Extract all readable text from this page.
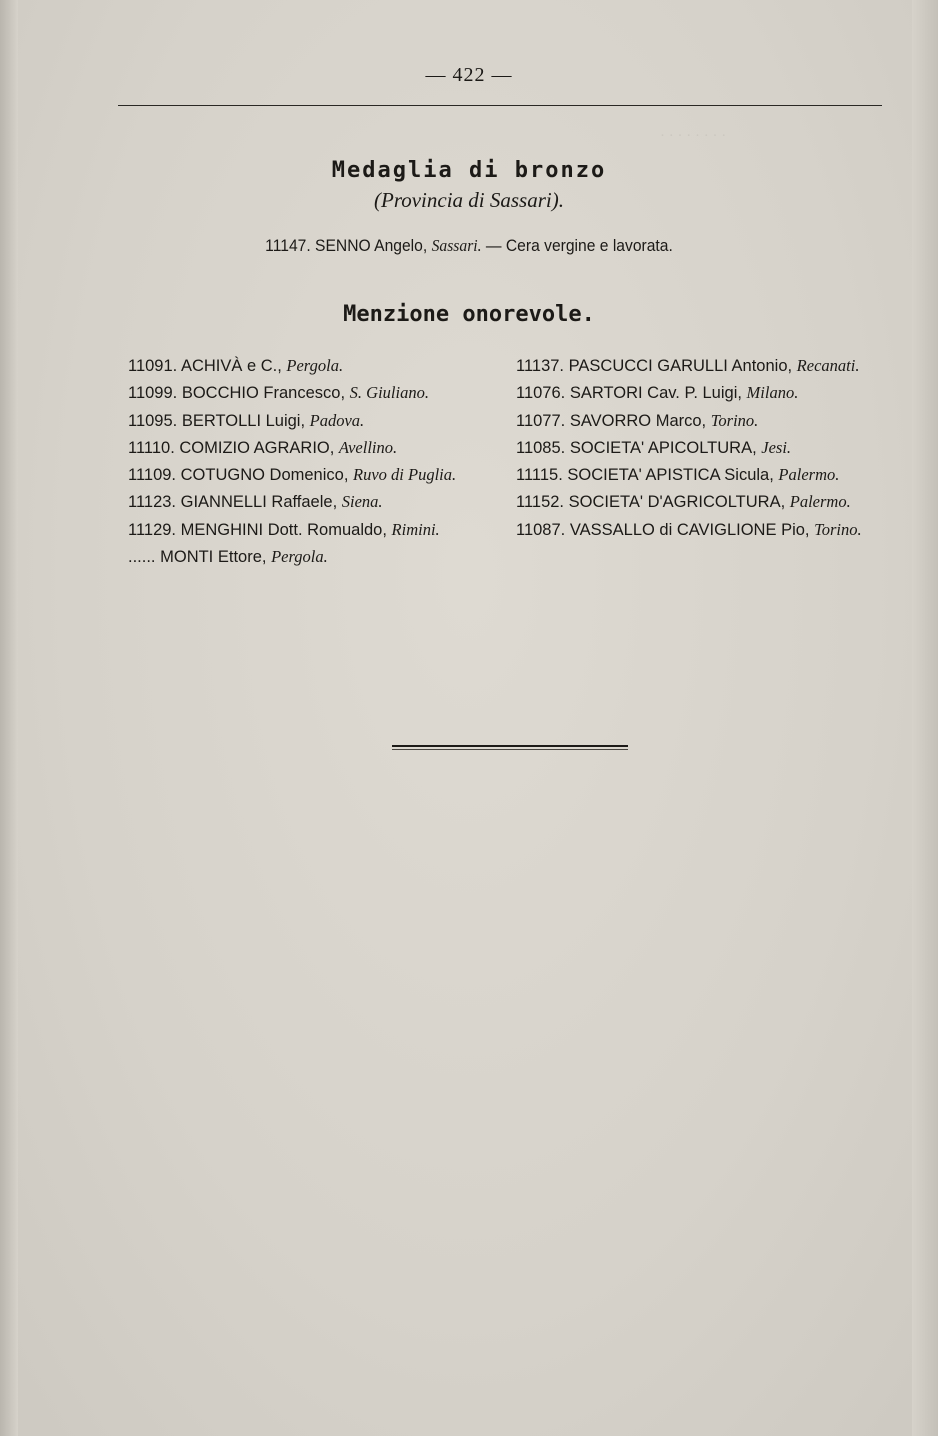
· · · · · · · ·
— 422 —
Medaglia di bronzo
(Provincia di Sassari).
11147. SENNO Angelo, Sassari. — Cera vergine e lavorata.
Menzione onorevole.
11091. ACHIVÀ e C., Pergola.
11099. BOCCHIO Francesco, S. Giuliano.
11095. BERTOLLI Luigi, Padova.
11110. COMIZIO AGRARIO, Avellino.
11109. COTUGNO Domenico, Ruvo di Puglia.
11123. GIANNELLI Raffaele, Siena.
11129. MENGHINI Dott. Romualdo, Rimini.
...... MONTI Ettore, Pergola.
11137. PASCUCCI GARULLI Antonio, Recanati.
11076. SARTORI Cav. P. Luigi, Milano.
11077. SAVORRO Marco, Torino.
11085. SOCIETA' APICOLTURA, Jesi.
11115. SOCIETA' APISTICA Sicula, Palermo.
11152. SOCIETA' D'AGRICOLTURA, Palermo.
11087. VASSALLO di CAVIGLIONE Pio, Torino.
